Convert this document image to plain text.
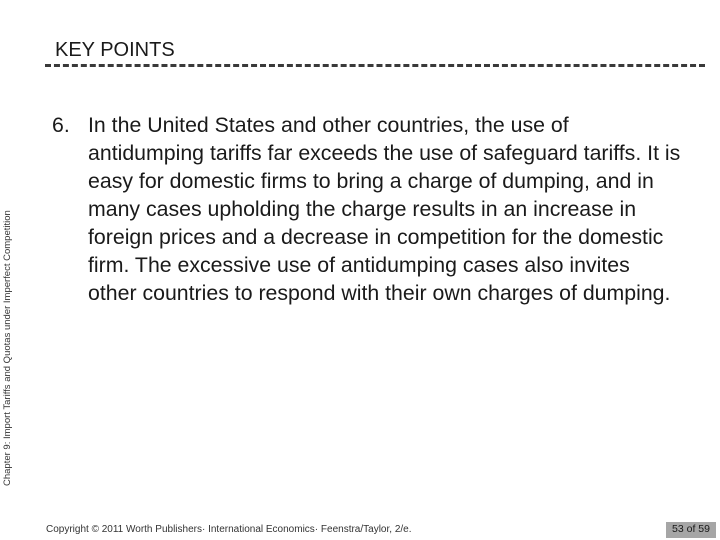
Chapter 9: Import Tariffs and Quotas under Imperfect Competition
KEY POINTS
6. In the United States and other countries, the use of antidumping tariffs far exceeds the use of safeguard tariffs. It is easy for domestic firms to bring a charge of dumping, and in many cases upholding the charge results in an increase in foreign prices and a decrease in competition for the domestic firm. The excessive use of antidumping cases also invites other countries to respond with their own charges of dumping.
Copyright © 2011 Worth Publishers· International Economics· Feenstra/Taylor, 2/e.	53 of 59
